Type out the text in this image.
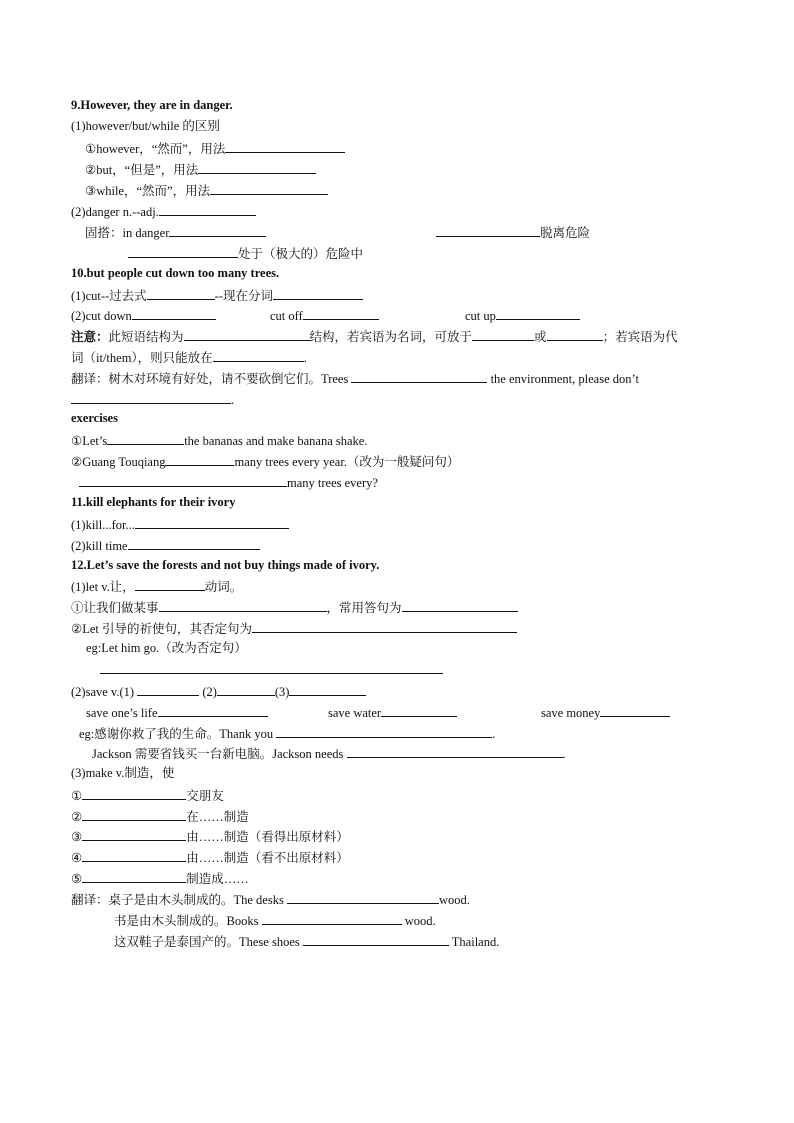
9.However, they are in danger.
(1)however/but/while 的区别
①however，“然而”，用法
②but，“但是”，用法
③while，“然而”，用法
(2)danger n.--adj.
固搭：in danger	脱离危险
处于（极大的）危险中
10.but people cut down too many trees.
(1)cut--过去式	--现在分词
(2)cut down	cut off	cut up
注意：此短语结构为	结构，若宾语为名词，可放于	或	；若宾语为代
词（it/them），则只能放在	.
翻译：树木对环境有好处，请不要砍倒它们。Trees	the environment, please don’t
.
exercises
①Let’s	the bananas and make banana shake.
②Guang Touqiang	many trees every year.（改为一般疑问句）
many trees every?
11.kill elephants for their ivory
(1)kill...for...
(2)kill time
12.Let’s save the forests and not buy things made of ivory.
(1)let v.让，	动词。
①让我们做某事	，常用答句为
②Let 引导的祈使句，其否定句为
eg:Let him go.（改为否定句）
(2)save v.(1)	(2)	(3)
save one’s life	save water	save money
eg:感谢你救了我的生命。Thank you	.
Jackson 需要省钱买一台新电脑。Jackson needs	.
(3)make v.制造，使
①	交朋友
②	在……制造
③	由……制造（看得出原材料）
④	由……制造（看不出原材料）
⑤	制造成……
翻译：桌子是由木头制成的。The desks	wood.
书是由木头制成的。Books	wood.
这双鞋子是泰国产的。These shoes	Thailand.
